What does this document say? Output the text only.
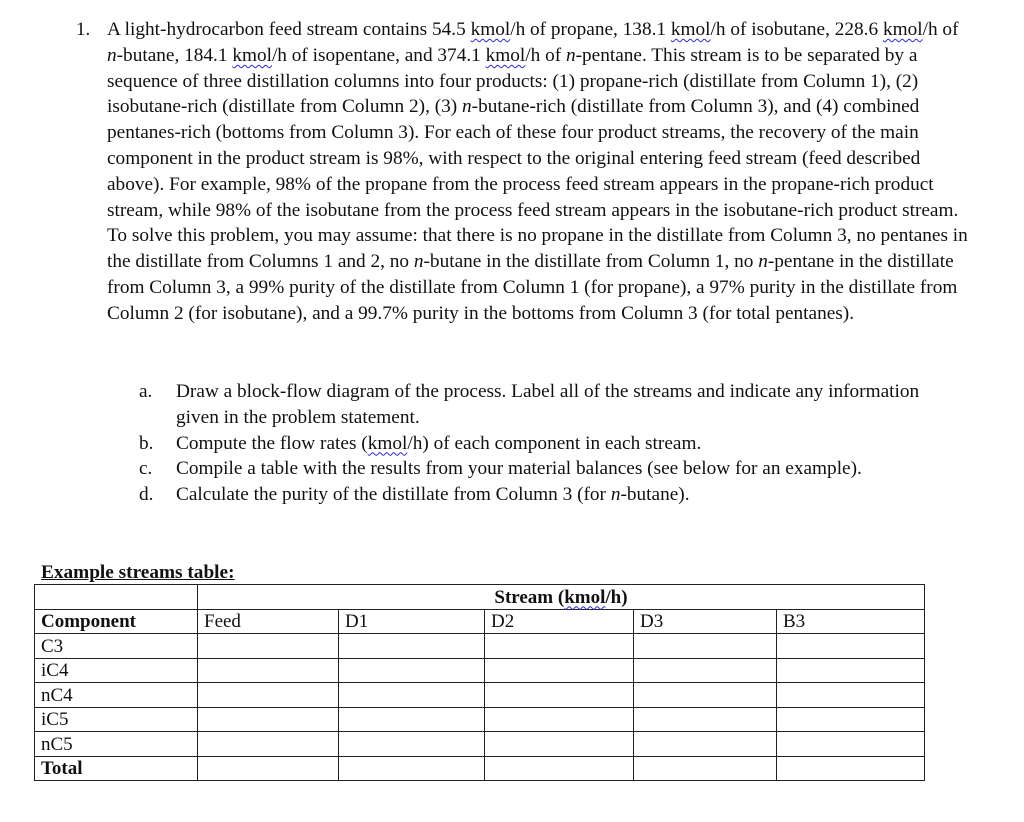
1. A light-hydrocarbon feed stream contains 54.5 kmol/h of propane, 138.1 kmol/h of isobutane, 228.6 kmol/h of n-butane, 184.1 kmol/h of isopentane, and 374.1 kmol/h of n-pentane. This stream is to be separated by a sequence of three distillation columns into four products: (1) propane-rich (distillate from Column 1), (2) isobutane-rich (distillate from Column 2), (3) n-butane-rich (distillate from Column 3), and (4) combined pentanes-rich (bottoms from Column 3). For each of these four product streams, the recovery of the main component in the product stream is 98%, with respect to the original entering feed stream (feed described above). For example, 98% of the propane from the process feed stream appears in the propane-rich product stream, while 98% of the isobutane from the process feed stream appears in the isobutane-rich product stream. To solve this problem, you may assume: that there is no propane in the distillate from Column 3, no pentanes in the distillate from Columns 1 and 2, no n-butane in the distillate from Column 1, no n-pentane in the distillate from Column 3, a 99% purity of the distillate from Column 1 (for propane), a 97% purity in the distillate from Column 2 (for isobutane), and a 99.7% purity in the bottoms from Column 3 (for total pentanes).
a. Draw a block-flow diagram of the process. Label all of the streams and indicate any information given in the problem statement.
b. Compute the flow rates (kmol/h) of each component in each stream.
c. Compile a table with the results from your material balances (see below for an example).
d. Calculate the purity of the distillate from Column 3 (for n-butane).
Example streams table:
	Stream (kmol/h)				
Component	Feed	D1	D2	D3	B3
C3					
iC4					
nC4					
iC5					
nC5					
Total					
